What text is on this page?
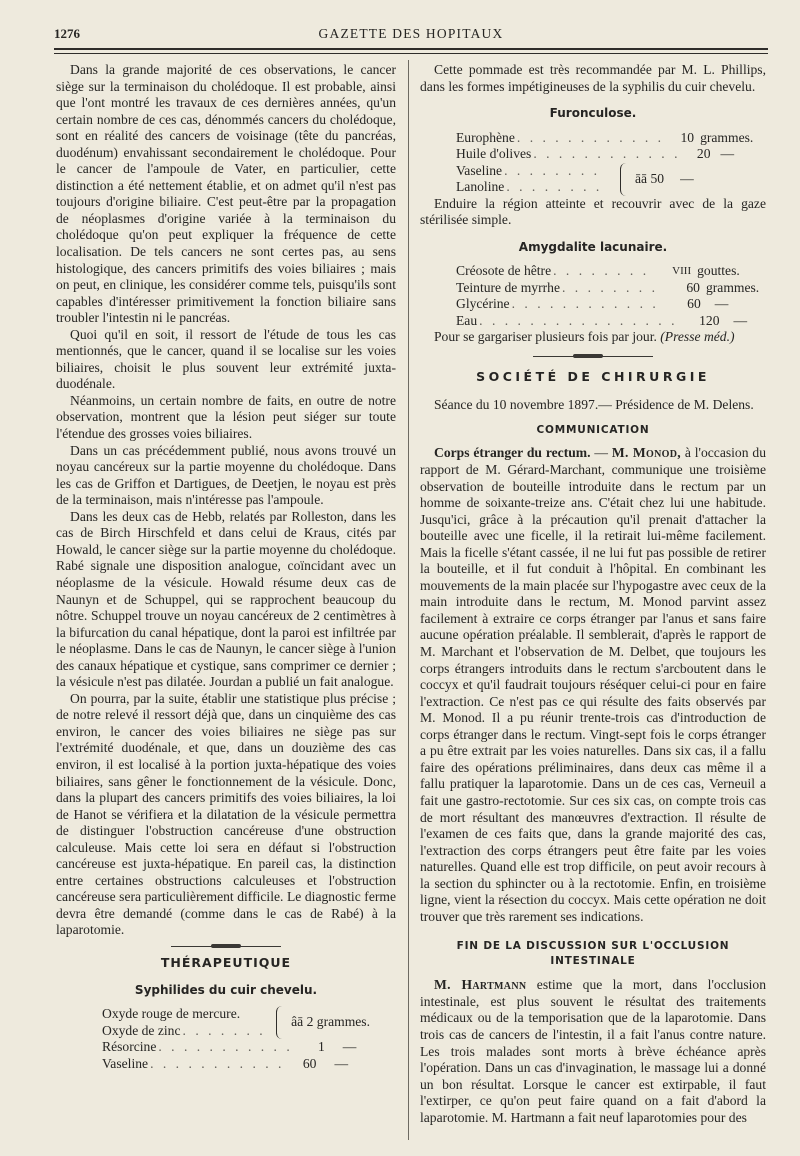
1276	GAZETTE DES HOPITAUX

Dans la grande majorité de ces observations, le cancer siège sur la terminaison du cholédoque. Il est probable, ainsi que l'ont montré les travaux de ces dernières années, qu'un certain nombre de ces cas, dénommés cancers du cholédoque, sont en réalité des cancers de voisinage (tête du pancréas, duodénum) envahissant secondairement le cholédoque. Pour le cancer de l'ampoule de Vater, en particulier, cette distinction a été nettement établie, et on admet qu'il n'est pas toujours d'origine biliaire. C'est peut-être par la propagation de néoplasmes d'origine variée à la terminaison du cholédoque qu'on peut expliquer la fréquence de cette localisation. De tels cancers ne sont certes pas, au sens histologique, des cancers primitifs des voies biliaires ; mais on peut, en clinique, les considérer comme tels, puisqu'ils sont capables d'intéresser primitivement la fonction biliaire sans troubler l'intestin ni le pancréas.

Quoi qu'il en soit, il ressort de l'étude de tous les cas mentionnés, que le cancer, quand il se localise sur les voies biliaires, choisit le plus souvent leur extrémité juxta-duodénale.

Néanmoins, un certain nombre de faits, en outre de notre observation, montrent que la lésion peut siéger sur toute l'étendue des grosses voies biliaires.

Dans un cas précédemment publié, nous avons trouvé un noyau cancéreux sur la partie moyenne du cholédoque. Dans les cas de Griffon et Dartigues, de Deetjen, le noyau est près de la terminaison, mais n'intéresse pas l'ampoule.

Dans les deux cas de Hebb, relatés par Rolleston, dans les cas de Birch Hirschfeld et dans celui de Kraus, cités par Howald, le cancer siège sur la partie moyenne du cholédoque. Rabé signale une disposition analogue, coïncidant avec un néoplasme de la vésicule. Howald résume deux cas de Naunyn et de Schuppel, qui se rapprochent beaucoup du nôtre. Schuppel trouve un noyau cancéreux de 2 centimètres à la bifurcation du canal hépatique, dont la paroi est infiltrée par le néoplasme. Dans le cas de Naunyn, le cancer siège à l'union des canaux hépatique et cystique, sans comprimer ce dernier ; la vésicule n'est pas dilatée. Jourdan a publié un fait analogue.

On pourra, par la suite, établir une statistique plus précise ; de notre relevé il ressort déjà que, dans un cinquième des cas environ, le cancer des voies biliaires ne siège pas sur l'extrémité duodénale, et que, dans un douzième des cas environ, il est localisé à la portion juxta-hépatique des voies biliaires, sans gêner le fonctionnement de la vésicule. Donc, dans la plupart des cancers primitifs des voies biliaires, la loi de Hanot se vérifiera et la dilatation de la vésicule permettra de distinguer l'obstruction cancéreuse d'une obstruction calculeuse. Mais cette loi sera en défaut si l'obstruction cancéreuse est juxta-hépatique. En pareil cas, la distinction entre certaines obstructions calculeuses et l'obstruction cancéreuse sera particulièrement difficile. Le diagnostic ferme devra être demandé (comme dans le cas de Rabé) à la laparotomie.

THÉRAPEUTIQUE
Syphilides du cuir chevelu.
Oxyde rouge de mercure.
Oxyde de zinc . . . . . . .
âā 2 grammes.
Résorcine . . . . . . . . . . .	1	—
Vaseline . . . . . . . . . . .	60	—

Cette pommade est très recommandée par M. L. Phillips, dans les formes impétigineuses de la syphilis du cuir chevelu.

Furonculose.
Europhène . . . . . . . . . . . .	10 grammes.
Huile d'olives . . . . . . . . . . . .	20 —
Vaseline . . . . . . . .
Lanoline . . . . . . . .
āā 50	—

Enduire la région atteinte et recouvrir avec de la gaze stérilisée simple.

Amygdalite lacunaire.
Créosote de hêtre . . . . . . . .	VIII gouttes.
Teinture de myrrhe . . . . . . . .	60 grammes.
Glycérine . . . . . . . . . . . .	60	—
Eau . . . . . . . . . . . . . . . .	120	—

Pour se gargariser plusieurs fois par jour. (Presse méd.)

SOCIÉTÉ DE CHIRURGIE

Séance du 10 novembre 1897.— Présidence de M. Delens.

COMMUNICATION

Corps étranger du rectum. — M. Monod, à l'occasion du rapport de M. Gérard-Marchant, communique une troisième observation de bouteille introduite dans le rectum par un homme de soixante-treize ans. C'était chez lui une habitude. Jusqu'ici, grâce à la précaution qu'il prenait d'attacher la bouteille avec une ficelle, il la retirait lui-même facilement. Mais la ficelle s'étant cassée, il ne lui fut pas possible de retirer la bouteille, et il fut conduit à l'hôpital. En combinant les mouvements de la main placée sur l'hypogastre avec ceux de la main introduite dans le rectum, M. Monod parvint assez facilement à extraire ce corps étranger par l'anus et sans faire aucune opération préalable. Il semblerait, d'après le rapport de M. Marchant et l'observation de M. Delbet, que toujours les corps étrangers introduits dans le rectum s'arcboutent dans le coccyx et qu'il faudrait toujours réséquer celui-ci pour en faire l'extraction. Ce n'est pas ce qui résulte des faits observés par M. Monod. Il a pu réunir trente-trois cas d'introduction de corps étranger dans le rectum. Vingt-sept fois le corps étranger a pu être extrait par les voies naturelles. Dans six cas, il a fallu faire des opérations préliminaires, dans deux cas même il a fallu pratiquer la laparotomie. Dans un de ces cas, Verneuil a fait une gastro-rectotomie. Sur ces six cas, on compte trois cas de mort résultant des manœuvres d'extraction. Il résulte de l'examen de ces faits que, dans la grande majorité des cas, l'extraction des corps étrangers peut être faite par les voies naturelles. Quand elle est trop difficile, on peut avoir recours à la section du sphincter ou à la rectotomie. Enfin, en troisième ligne, vient la résection du coccyx. Mais cette opération ne doit trouver que très rarement ses indications.

FIN DE LA DISCUSSION SUR L'OCCLUSION INTESTINALE

M. Hartmann estime que la mort, dans l'occlusion intestinale, est plus souvent le résultat des traitements médicaux ou de la temporisation que de la laparotomie. Dans trois cas de cancers de l'intestin, il a fait l'anus contre nature. Les trois malades sont morts à brève échéance après l'opération. Dans un cas d'invagination, le massage lui a donné un bon résultat. Lorsque le cancer est extirpable, il faut l'extirper, ce qu'on peut faire quand on a fait d'abord la laparotomie. M. Hartmann a fait neuf laparotomies pour des
